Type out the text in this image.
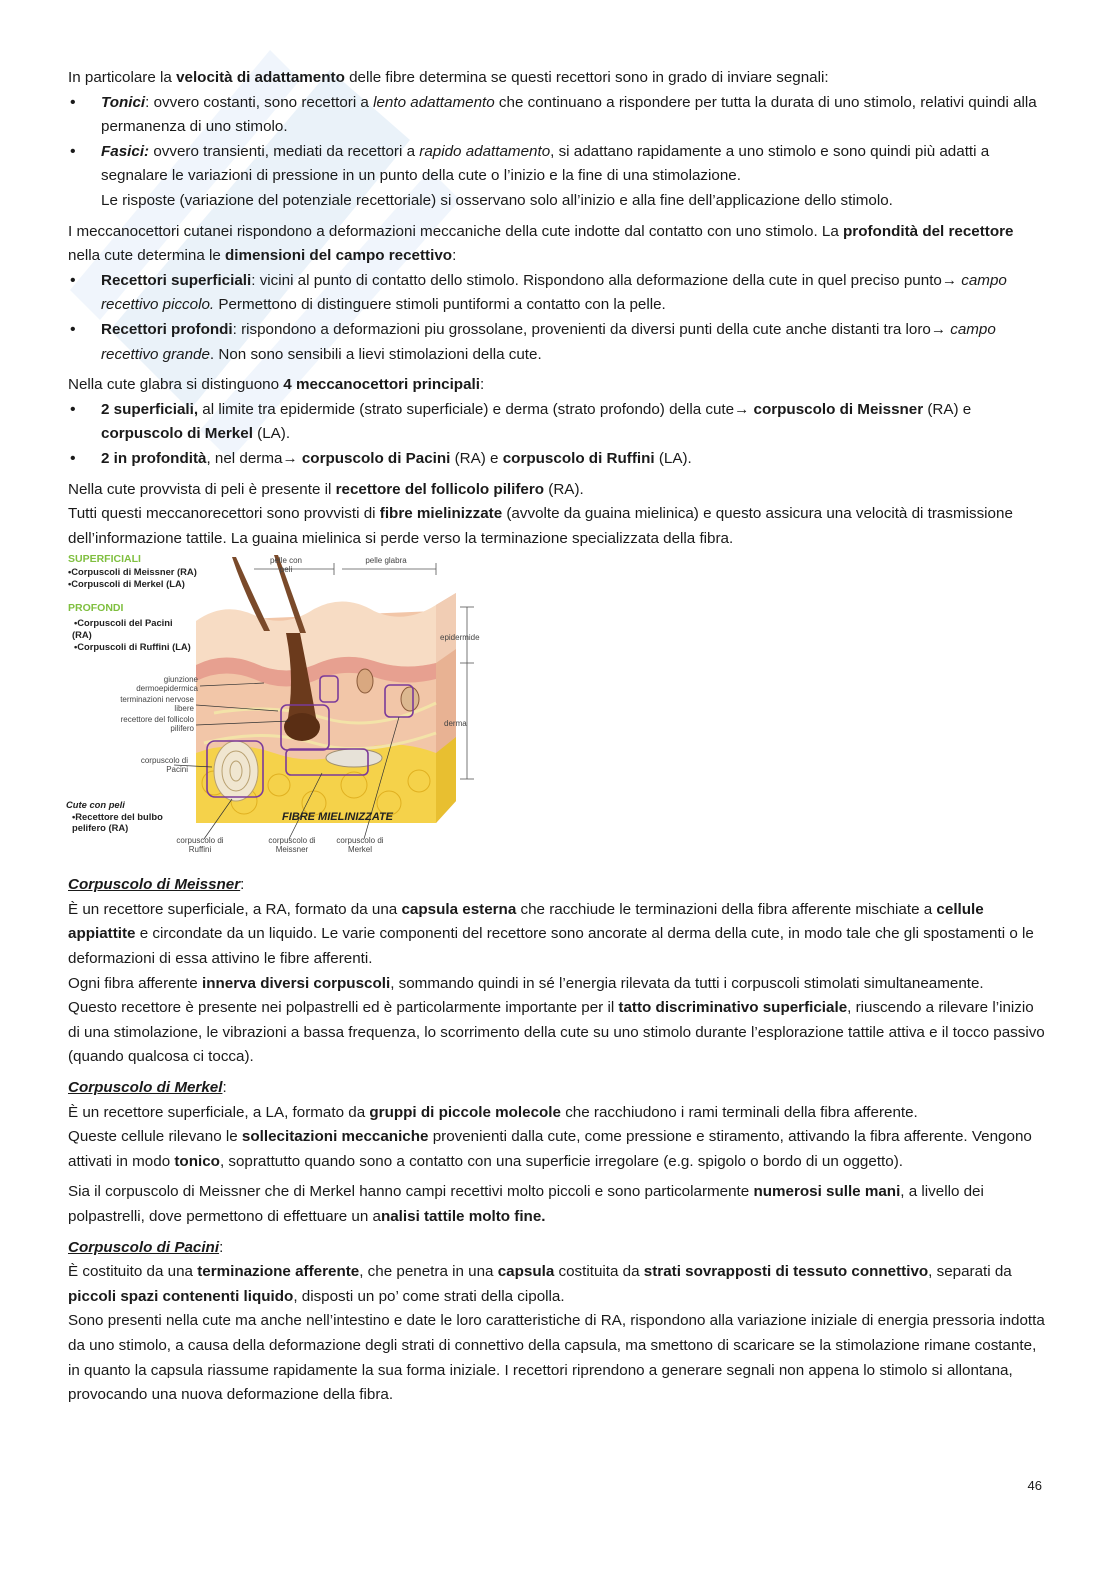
In particolare la velocità di adattamento delle fibre determina se questi recettori sono in grado di inviare segnali:

• Tonici: ovvero costanti, sono recettori a lento adattamento che continuano a rispondere per tutta la durata di uno stimolo, relativi quindi alla permanenza di uno stimolo.
• Fasici: ovvero transienti, mediati da recettori a rapido adattamento, si adattano rapidamente a uno stimolo e sono quindi più adatti a segnalare le variazioni di pressione in un punto della cute o l’inizio e la fine di una stimolazione.

Le risposte (variazione del potenziale recettoriale) si osservano solo all’inizio e alla fine dell’applicazione dello stimolo.

I meccanocettori cutanei rispondono a deformazioni meccaniche della cute indotte dal contatto con uno stimolo. La profondità del recettore nella cute determina le dimensioni del campo recettivo:

• Recettori superficiali: vicini al punto di contatto dello stimolo. Rispondono alla deformazione della cute in quel preciso punto→ campo recettivo piccolo. Permettono di distinguere stimoli puntiformi a contatto con la pelle.
• Recettori profondi: rispondono a deformazioni piu grossolane, provenienti da diversi punti della cute anche distanti tra loro→ campo recettivo grande. Non sono sensibili a lievi stimolazioni della cute.

Nella cute glabra si distinguono 4 meccanocettori principali:

• 2 superficiali, al limite tra epidermide (strato superficiale) e derma (strato profondo) della cute→ corpuscolo di Meissner (RA) e corpuscolo di Merkel (LA).
• 2 in profondità, nel derma→ corpuscolo di Pacini (RA) e corpuscolo di Ruffini (LA).

Nella cute provvista di peli è presente il recettore del follicolo pilifero (RA).

Tutti questi meccanorecettori sono provvisti di fibre mielinizzate (avvolte da guaina mielinica) e questo assicura una velocità di trasmissione dell’informazione tattile. La guaina mielinica si perde verso la terminazione specializzata della fibra.

SUPERFICIALI
•Corpuscoli di Meissner (RA)
•Corpuscoli di Merkel (LA)
PROFONDI
•Corpuscoli del Pacini
(RA)
•Corpuscoli di Ruffini (LA)
pelle con peli
pelle glabra
epidermide
derma
giunzione dermoepidermica
terminazioni nervose libere
recettore del follicolo pilifero
corpuscolo di Pacini
Cute con peli
•Recettore del bulbo pelifero (RA)
FIBRE MIELINIZZATE
corpuscolo di Ruffini
corpuscolo di Meissner
corpuscolo di Merkel

Corpuscolo di Meissner:

È un recettore superficiale, a RA, formato da una capsula esterna che racchiude le terminazioni della fibra afferente mischiate a cellule appiattite e circondate da un liquido. Le varie componenti del recettore sono ancorate al derma della cute, in modo tale che gli spostamenti o le deformazioni di essa attivino le fibre afferenti.

Ogni fibra afferente innerva diversi corpuscoli, sommando quindi in sé l’energia rilevata da tutti i corpuscoli stimolati simultaneamente.

Questo recettore è presente nei polpastrelli ed è particolarmente importante per il tatto discriminativo superficiale, riuscendo a rilevare l’inizio di una stimolazione, le vibrazioni a bassa frequenza, lo scorrimento della cute su uno stimolo durante l’esplorazione tattile attiva e il tocco passivo (quando qualcosa ci tocca).

Corpuscolo di Merkel:

È un recettore superficiale, a LA, formato da gruppi di piccole molecole che racchiudono i rami terminali della fibra afferente.

Queste cellule rilevano le sollecitazioni meccaniche provenienti dalla cute, come pressione e stiramento, attivando la fibra afferente. Vengono attivati in modo tonico, soprattutto quando sono a contatto con una superficie irregolare (e.g. spigolo o bordo di un oggetto).

Sia il corpuscolo di Meissner che di Merkel hanno campi recettivi molto piccoli e sono particolarmente numerosi sulle mani, a livello dei polpastrelli, dove permettono di effettuare un analisi tattile molto fine.

Corpuscolo di Pacini:

È costituito da una terminazione afferente, che penetra in una capsula costituita da strati sovrapposti di tessuto connettivo, separati da piccoli spazi contenenti liquido, disposti un po’ come strati della cipolla.

Sono presenti nella cute ma anche nell’intestino e date le loro caratteristiche di RA, rispondono alla variazione iniziale di energia pressoria indotta da uno stimolo, a causa della deformazione degli strati di connettivo della capsula, ma smettono di scaricare se la stimolazione rimane costante, in quanto la capsula riassume rapidamente la sua forma iniziale. I recettori riprendono a generare segnali non appena lo stimolo si allontana, provocando una nuova deformazione della fibra.

46
